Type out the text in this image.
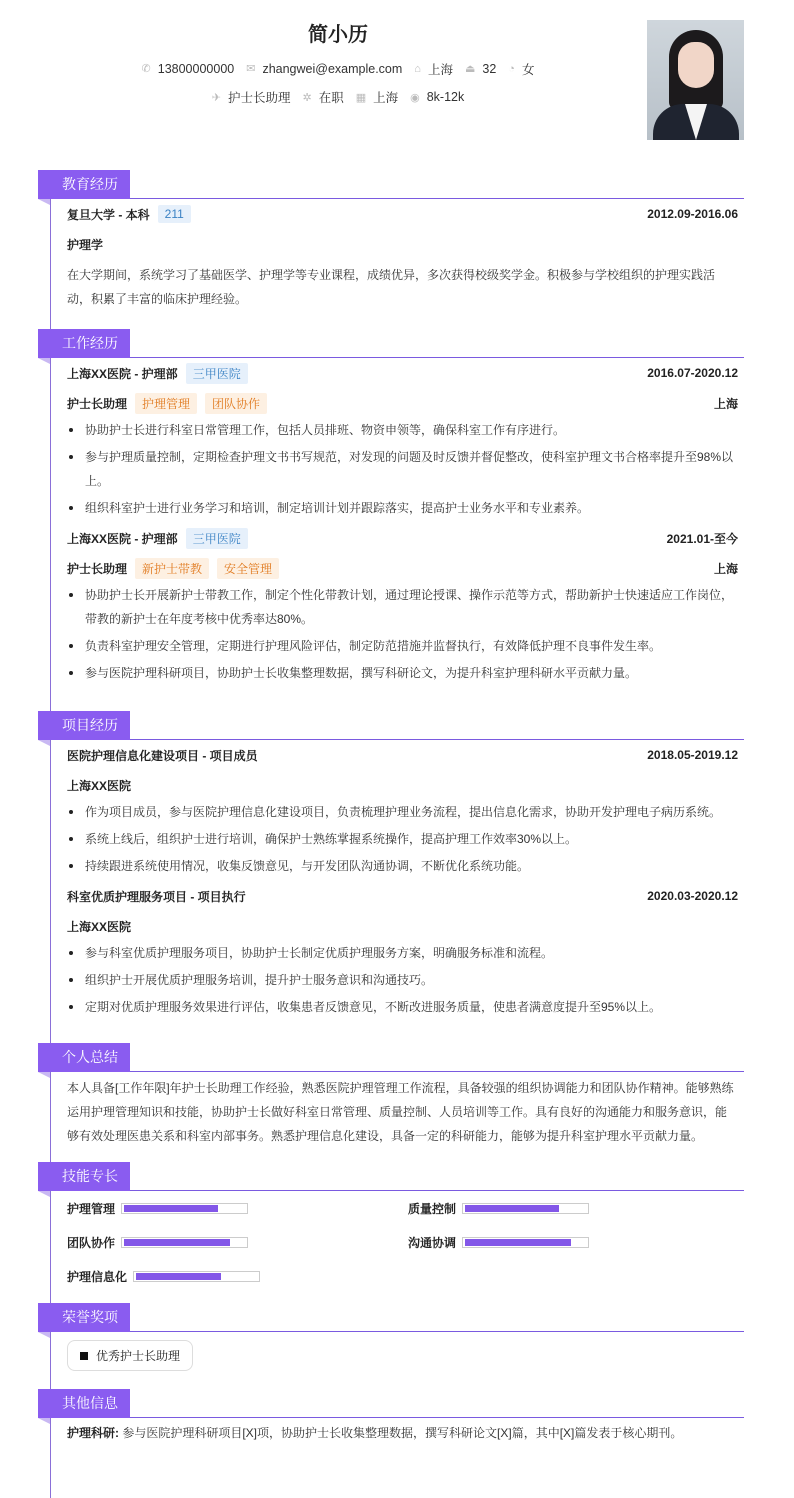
简小历
✆ 13800000000 ✉ zhangwei@example.com ⌂ 上海 ⏏ 32 ◔ 女
✈ 护士长助理 ✲ 在职 ▦ 上海 ◉ 8k-12k
教育经历
复旦大学 - 本科	211	2012.09-2016.06
护理学

在大学期间，系统学习了基础医学、护理学等专业课程，成绩优异，多次获得校级奖学金。积极参与学校组织的护理实践活动，积累了丰富的临床护理经验。

工作经历
上海XX医院 - 护理部	三甲医院	2016.07-2020.12
护士长助理	护理管理	团队协作	上海
协助护士长进行科室日常管理工作，包括人员排班、物资申领等，确保科室工作有序进行。
参与护理质量控制，定期检查护理文书书写规范，对发现的问题及时反馈并督促整改，使科室护理文书合格率提升至98%以上。
组织科室护士进行业务学习和培训，制定培训计划并跟踪落实，提高护士业务水平和专业素养。
上海XX医院 - 护理部	三甲医院	2021.01-至今
护士长助理	新护士带教	安全管理	上海
协助护士长开展新护士带教工作，制定个性化带教计划，通过理论授课、操作示范等方式，帮助新护士快速适应工作岗位，带教的新护士在年度考核中优秀率达80%。
负责科室护理安全管理，定期进行护理风险评估，制定防范措施并监督执行，有效降低护理不良事件发生率。
参与医院护理科研项目，协助护士长收集整理数据，撰写科研论文，为提升科室护理科研水平贡献力量。
项目经历
医院护理信息化建设项目 - 项目成员	2018.05-2019.12
上海XX医院
作为项目成员，参与医院护理信息化建设项目，负责梳理护理业务流程，提出信息化需求，协助开发护理电子病历系统。
系统上线后，组织护士进行培训，确保护士熟练掌握系统操作，提高护理工作效率30%以上。
持续跟进系统使用情况，收集反馈意见，与开发团队沟通协调，不断优化系统功能。
科室优质护理服务项目 - 项目执行	2020.03-2020.12
上海XX医院
参与科室优质护理服务项目，协助护士长制定优质护理服务方案，明确服务标准和流程。
组织护士开展优质护理服务培训，提升护士服务意识和沟通技巧。
定期对优质护理服务效果进行评估，收集患者反馈意见，不断改进服务质量，使患者满意度提升至95%以上。
个人总结

本人具备[工作年限]年护士长助理工作经验，熟悉医院护理管理工作流程，具备较强的组织协调能力和团队协作精神。能够熟练运用护理管理知识和技能，协助护士长做好科室日常管理、质量控制、人员培训等工作。具有良好的沟通能力和服务意识，能够有效处理医患关系和科室内部事务。熟悉护理信息化建设，具备一定的科研能力，能够为提升科室护理水平贡献力量。

技能专长
护理管理	质量控制
团队协作	沟通协调
护理信息化
荣誉奖项
优秀护士长助理
其他信息
护理科研: 参与医院护理科研项目[X]项，协助护士长收集整理数据，撰写科研论文[X]篇，其中[X]篇发表于核心期刊。
